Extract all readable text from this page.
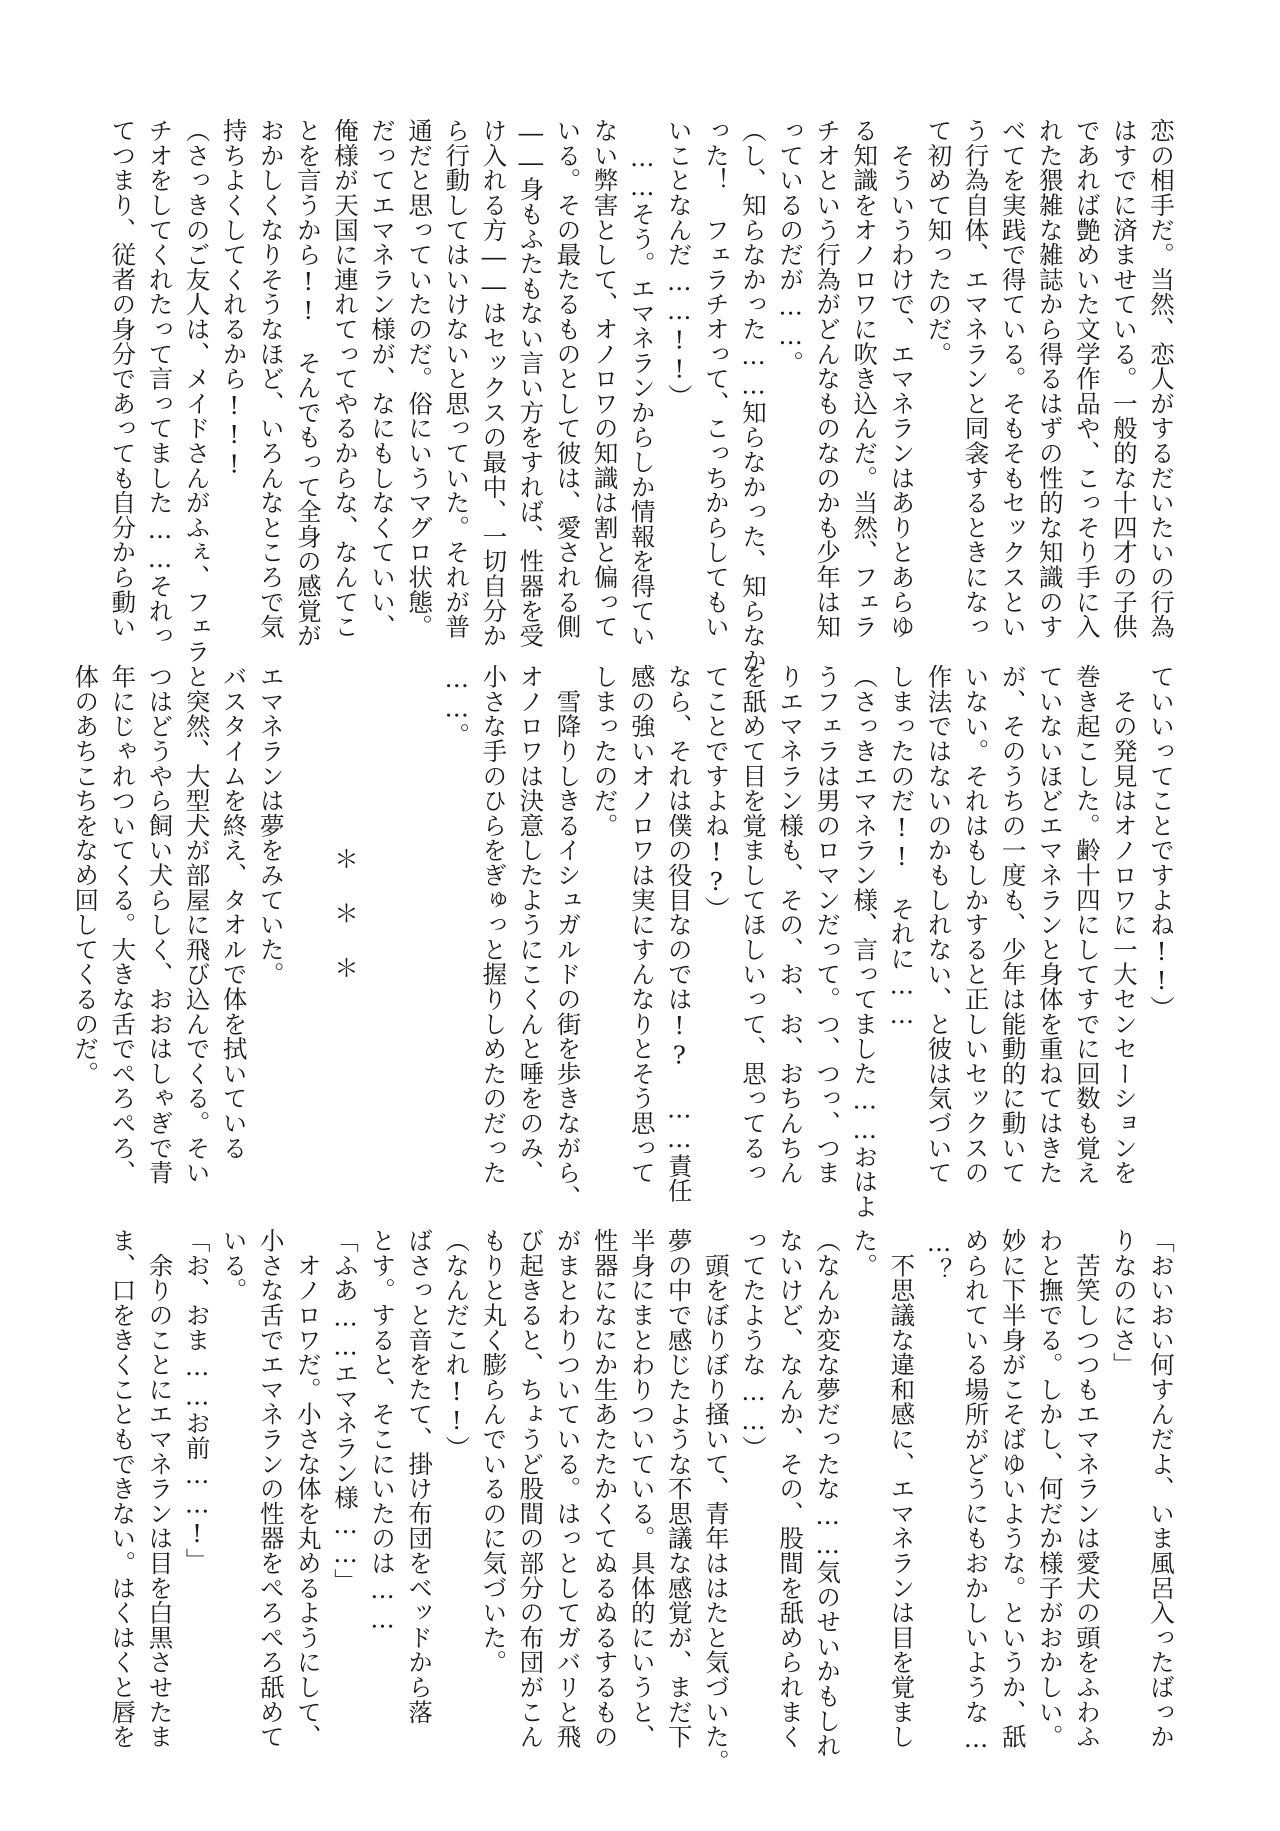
恋の相手だ。当然、恋人がするだいたいの行為
はすでに済ませている。一般的な十四才の子供
であれば艶めいた文学作品や、こっそり手に入
れた猥雑な雑誌から得るはずの性的な知識のす
べてを実践で得ている。そもそもセックスとい
う行為自体、エマネランと同衾するときになっ
て初めて知ったのだ。
　そういうわけで、エマネランはありとあらゆ
る知識をオノロワに吹き込んだ。当然、フェラ
チオという行為がどんなものなのかも少年は知
っているのだが……。
（し、知らなかった……知らなかった、知らなか
った！　フェラチオって、こっちからしてもい
いことなんだ……!!）
　……そう。エマネランからしか情報を得てい
ない弊害として、オノロワの知識は割と偏って
いる。その最たるものとして彼は、愛される側
――身もふたもない言い方をすれば、性器を受
け入れる方――はセックスの最中、一切自分か
ら行動してはいけないと思っていた。それが普
通だと思っていたのだ。俗にいうマグロ状態。
だってエマネラン様が、なにもしなくていい、
俺様が天国に連れてってやるからな、なんてこ
とを言うから!!　そんでもって全身の感覚が
おかしくなりそうなほど、いろんなところで気
持ちよくしてくれるから!!!
（さっきのご友人は、メイドさんがふぇ、フェラ
チオをしてくれたって言ってました……それっ
てつまり、従者の身分であっても自分から動い
ていいってことですよね!!）
　その発見はオノロワに一大センセーションを
巻き起こした。齢十四にしてすでに回数も覚え
ていないほどエマネランと身体を重ねてはきた
が、そのうちの一度も、少年は能動的に動いて
いない。それはもしかすると正しいセックスの
作法ではないのかもしれない、と彼は気づいて
しまったのだ!!　それに……
（さっきエマネラン様、言ってました……おはよ
うフェラは男のロマンだって。つ、つっ、つま
りエマネラン様も、その、お、お、おちんちん
を舐めて目を覚ましてほしいって、思ってるっ
てことですよね!?）
なら、それは僕の役目なのでは!?　……責任
感の強いオノロワは実にすんなりとそう思って
しまったのだ。
　雪降りしきるイシュガルドの街を歩きながら、
オノロワは決意したようにこくんと唾をのみ、
小さな手のひらをぎゅっと握りしめたのだった
……。

＊＊＊

エマネランは夢をみていた。
バスタイムを終え、タオルで体を拭いている
と突然、大型犬が部屋に飛び込んでくる。そい
つはどうやら飼い犬らしく、おおはしゃぎで青
年にじゃれついてくる。大きな舌でぺろぺろ、
体のあちこちをなめ回してくるのだ。
「おいおい何すんだよ、いま風呂入ったばっか
りなのにさ」
　苦笑しつつもエマネランは愛犬の頭をふわふ
わと撫でる。しかし、何だか様子がおかしい。
妙に下半身がこそばゆいような。というか、舐
められている場所がどうにもおかしいような…
…？
　不思議な違和感に、エマネランは目を覚まし
た。
（なんか変な夢だったな……気のせいかもしれ
ないけど、なんか、その、股間を舐められまく
ってたような……）
　頭をぼりぼり掻いて、青年ははたと気づいた。
夢の中で感じたような不思議な感覚が、まだ下
半身にまとわりついている。具体的にいうと、
性器になにか生あたたかくてぬるぬるするもの
がまとわりついている。はっとしてガバリと飛
び起きると、ちょうど股間の部分の布団がこん
もりと丸く膨らんでいるのに気づいた。
（なんだこれ!!）
ばさっと音をたて、掛け布団をベッドから落
とす。すると、そこにいたのは……
「ふあ……エマネラン様……」
　オノロワだ。小さな体を丸めるようにして、
小さな舌でエマネランの性器をぺろぺろ舐めて
いる。
「お、おま……お前……!」
　余りのことにエマネランは目を白黒させたま
ま、口をきくこともできない。はくはくと唇を
